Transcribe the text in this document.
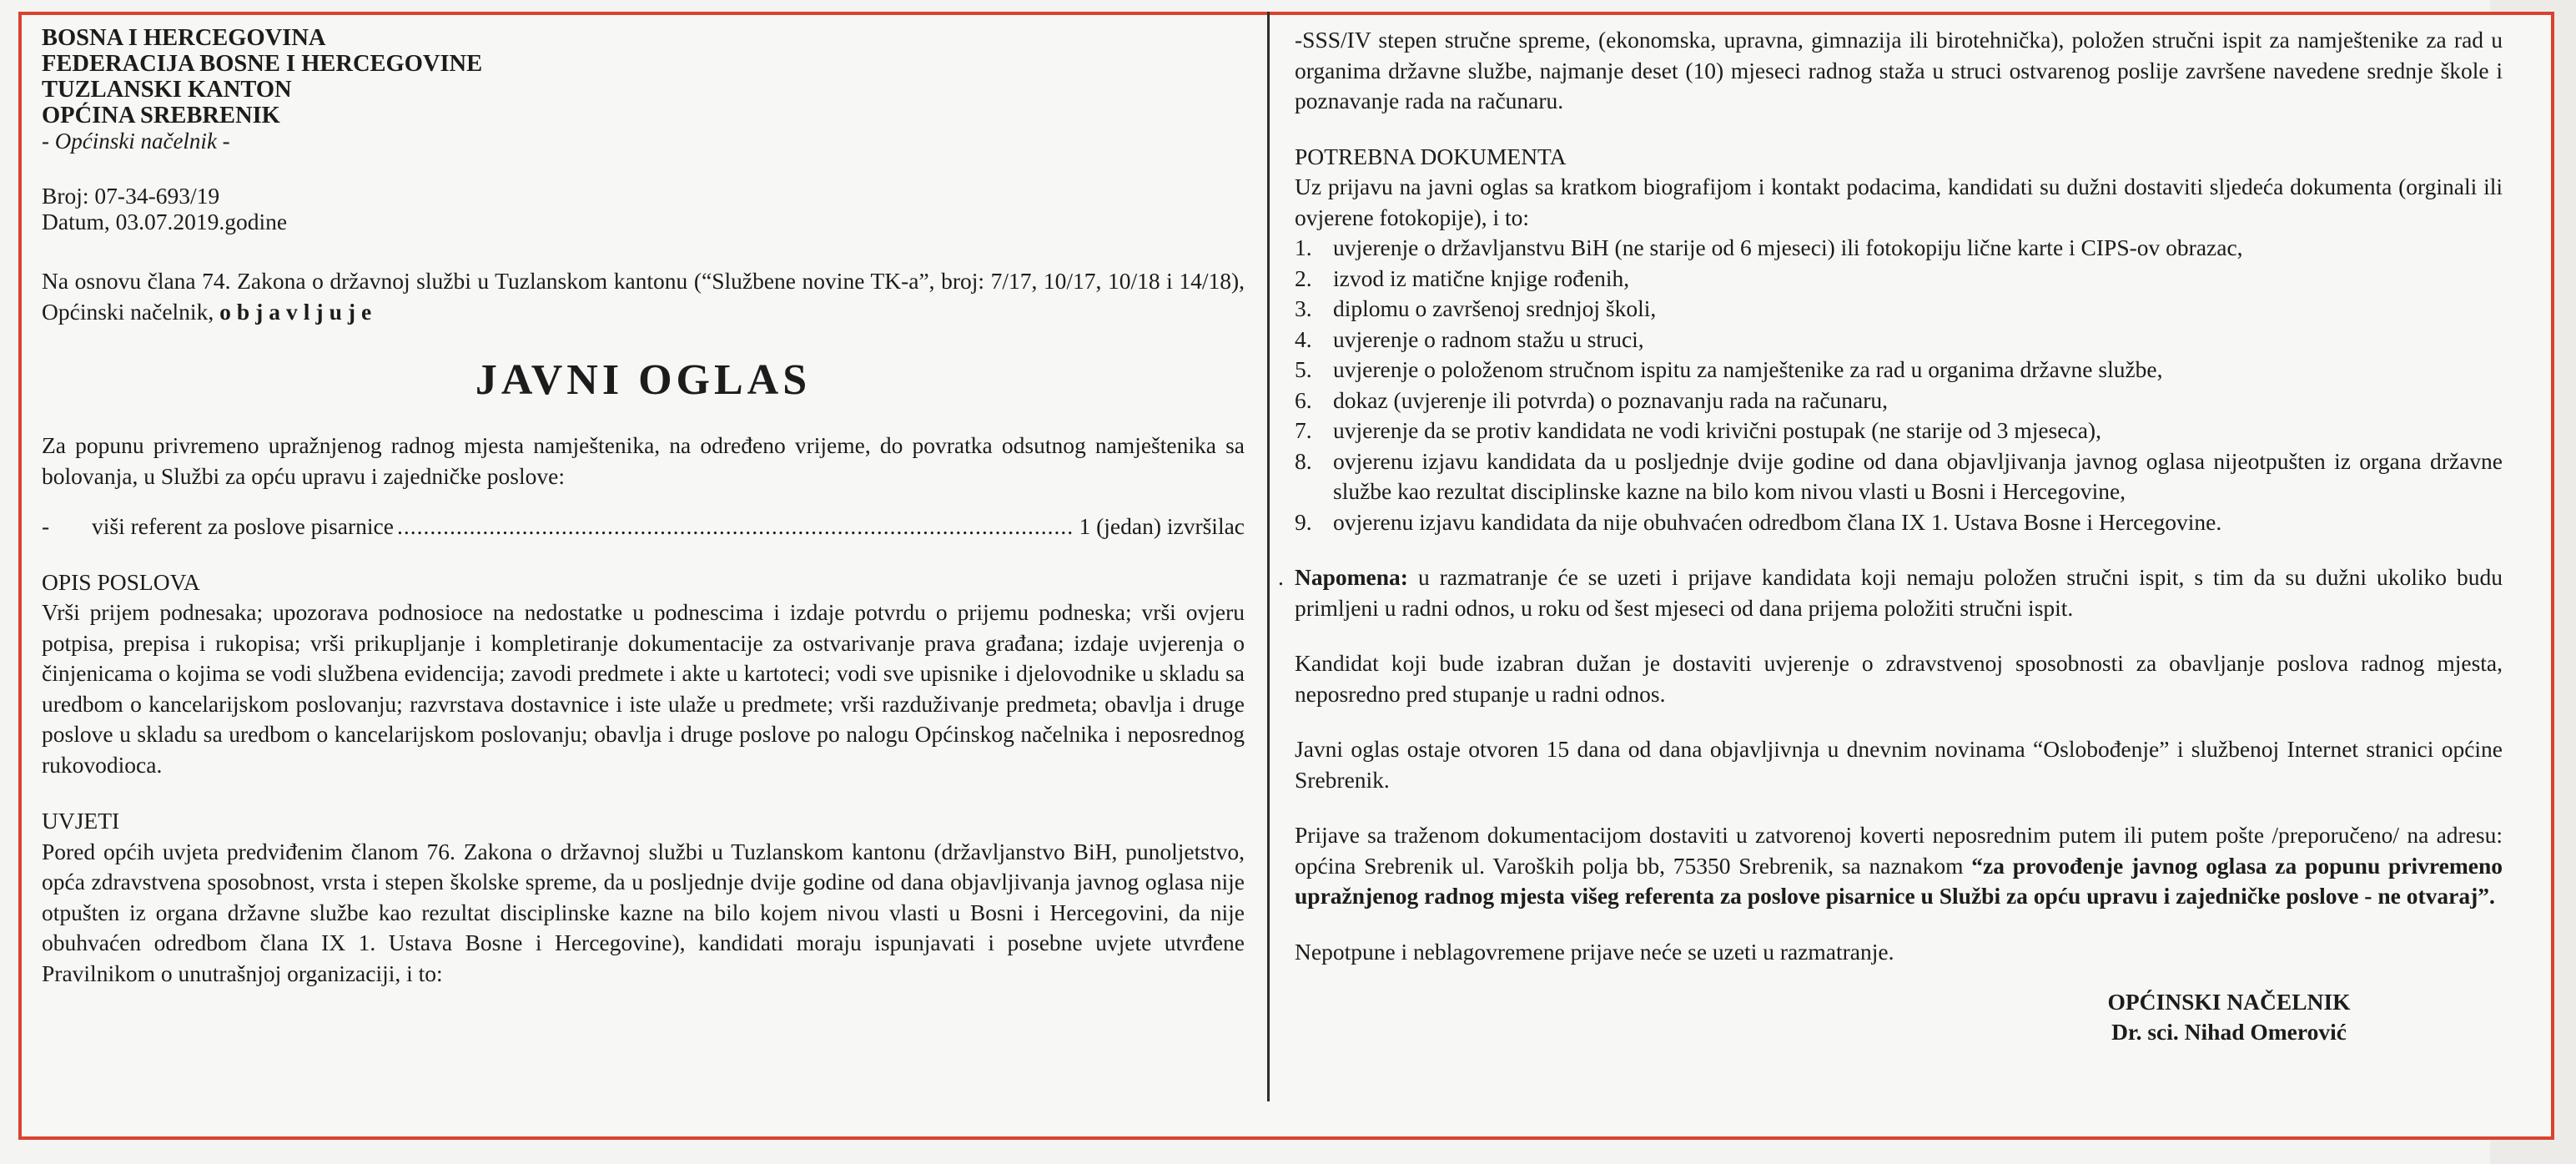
BOSNA I HERCEGOVINA
FEDERACIJA BOSNE I HERCEGOVINE
TUZLANSKI KANTON
OPĆINA SREBRENIK
- Općinski načelnik -
Broj: 07-34-693/19
Datum, 03.07.2019.godine

Na osnovu člana 74. Zakona o državnoj službi u Tuzlanskom kantonu (“Službene novine TK-a”, broj: 7/17, 10/17, 10/18 i 14/18), Općinski načelnik, objavljuje

JAVNI OGLAS

Za popunu privremeno upražnjenog radnog mjesta namještenika, na određeno vrijeme, do povratka odsutnog namještenika sa bolovanja, u Službi za opću upravu i zajedničke poslove:

-	viši referent za poslove pisarnice
.....	1 (jedan) izvršilac
OPIS POSLOVA

Vrši prijem podnesaka; upozorava podnosioce na nedostatke u podnescima i izdaje potvrdu o prijemu podneska; vrši ovjeru potpisa, prepisa i rukopisa; vrši prikupljanje i kompletiranje dokumentacije za ostvarivanje prava građana; izdaje uvjerenja o činjenicama o kojima se vodi službena evidencija; zavodi predmete i akte u kartoteci; vodi sve upisnike i djelovodnike u skladu sa uredbom o kancelarijskom poslovanju; razvrstava dostavnice i iste ulaže u predmete; vrši razduživanje predmeta; obavlja i druge poslove u skladu sa uredbom o kancelarijskom poslovanju; obavlja i druge poslove po nalogu Općinskog načelnika i neposrednog rukovodioca.

UVJETI

Pored općih uvjeta predviđenim članom 76. Zakona o državnoj službi u Tuzlanskom kantonu (državljanstvo BiH, punoljetstvo, opća zdravstvena sposobnost, vrsta i stepen školske spreme, da u posljednje dvije godine od dana objavljivanja javnog oglasa nije otpušten iz organa državne službe kao rezultat disciplinske kazne na bilo kojem nivou vlasti u Bosni i Hercegovini, da nije obuhvaćen odredbom člana IX 1. Ustava Bosne i Hercegovine), kandidati moraju ispunjavati i posebne uvjete utvrđene Pravilnikom o unutrašnjoj organizaciji, i to:

-SSS/IV stepen stručne spreme, (ekonomska, upravna, gimnazija ili birotehnička), položen stručni ispit za namještenike za rad u organima državne službe, najmanje deset (10) mjeseci radnog staža u struci ostvarenog poslije završene navedene srednje škole i poznavanje rada na računaru.

POTREBNA DOKUMENTA

Uz prijavu na javni oglas sa kratkom biografijom i kontakt podacima, kandidati su dužni dostaviti sljedeća dokumenta (orginali ili ovjerene fotokopije), i to:

1. uvjerenje o državljanstvu BiH (ne starije od 6 mjeseci) ili fotokopiju lične karte i CIPS-ov obrazac,
2. izvod iz matične knjige rođenih,
3. diplomu o završenoj srednjoj školi,
4. uvjerenje o radnom stažu u struci,
5. uvjerenje o položenom stručnom ispitu za namještenike za rad u organima državne službe,
6. dokaz (uvjerenje ili potvrda) o poznavanju rada na računaru,
7. uvjerenje da se protiv kandidata ne vodi krivični postupak (ne starije od 3 mjeseca),
8. ovjerenu izjavu kandidata da u posljednje dvije godine od dana objavljivanja javnog oglasa nijeotpušten iz organa državne službe kao rezultat disciplinske kazne na bilo kom nivou vlasti u Bosni i Hercegovine,
9. ovjerenu izjavu kandidata da nije obuhvaćen odredbom člana IX 1. Ustava Bosne i Hercegovine.

. Napomena: u razmatranje će se uzeti i prijave kandidata koji nemaju položen stručni ispit, s tim da su dužni ukoliko budu primljeni u radni odnos, u roku od šest mjeseci od dana prijema položiti stručni ispit.

Kandidat koji bude izabran dužan je dostaviti uvjerenje o zdravstvenoj sposobnosti za obavljanje poslova radnog mjesta, neposredno pred stupanje u radni odnos.

Javni oglas ostaje otvoren 15 dana od dana objavljivnja u dnevnim novinama “Oslobođenje” i službenoj Internet stranici općine Srebrenik.

Prijave sa traženom dokumentacijom dostaviti u zatvorenoj koverti neposrednim putem ili putem pošte /preporučeno/ na adresu: općina Srebrenik ul. Varoških polja bb, 75350 Srebrenik, sa naznakom “za provođenje javnog oglasa za popunu privremeno upražnjenog radnog mjesta višeg referenta za poslove pisarnice u Službi za opću upravu i zajedničke poslove - ne otvaraj”.

Nepotpune i neblagovremene prijave neće se uzeti u razmatranje.

OPĆINSKI NAČELNIK
Dr. sci. Nihad Omerović
